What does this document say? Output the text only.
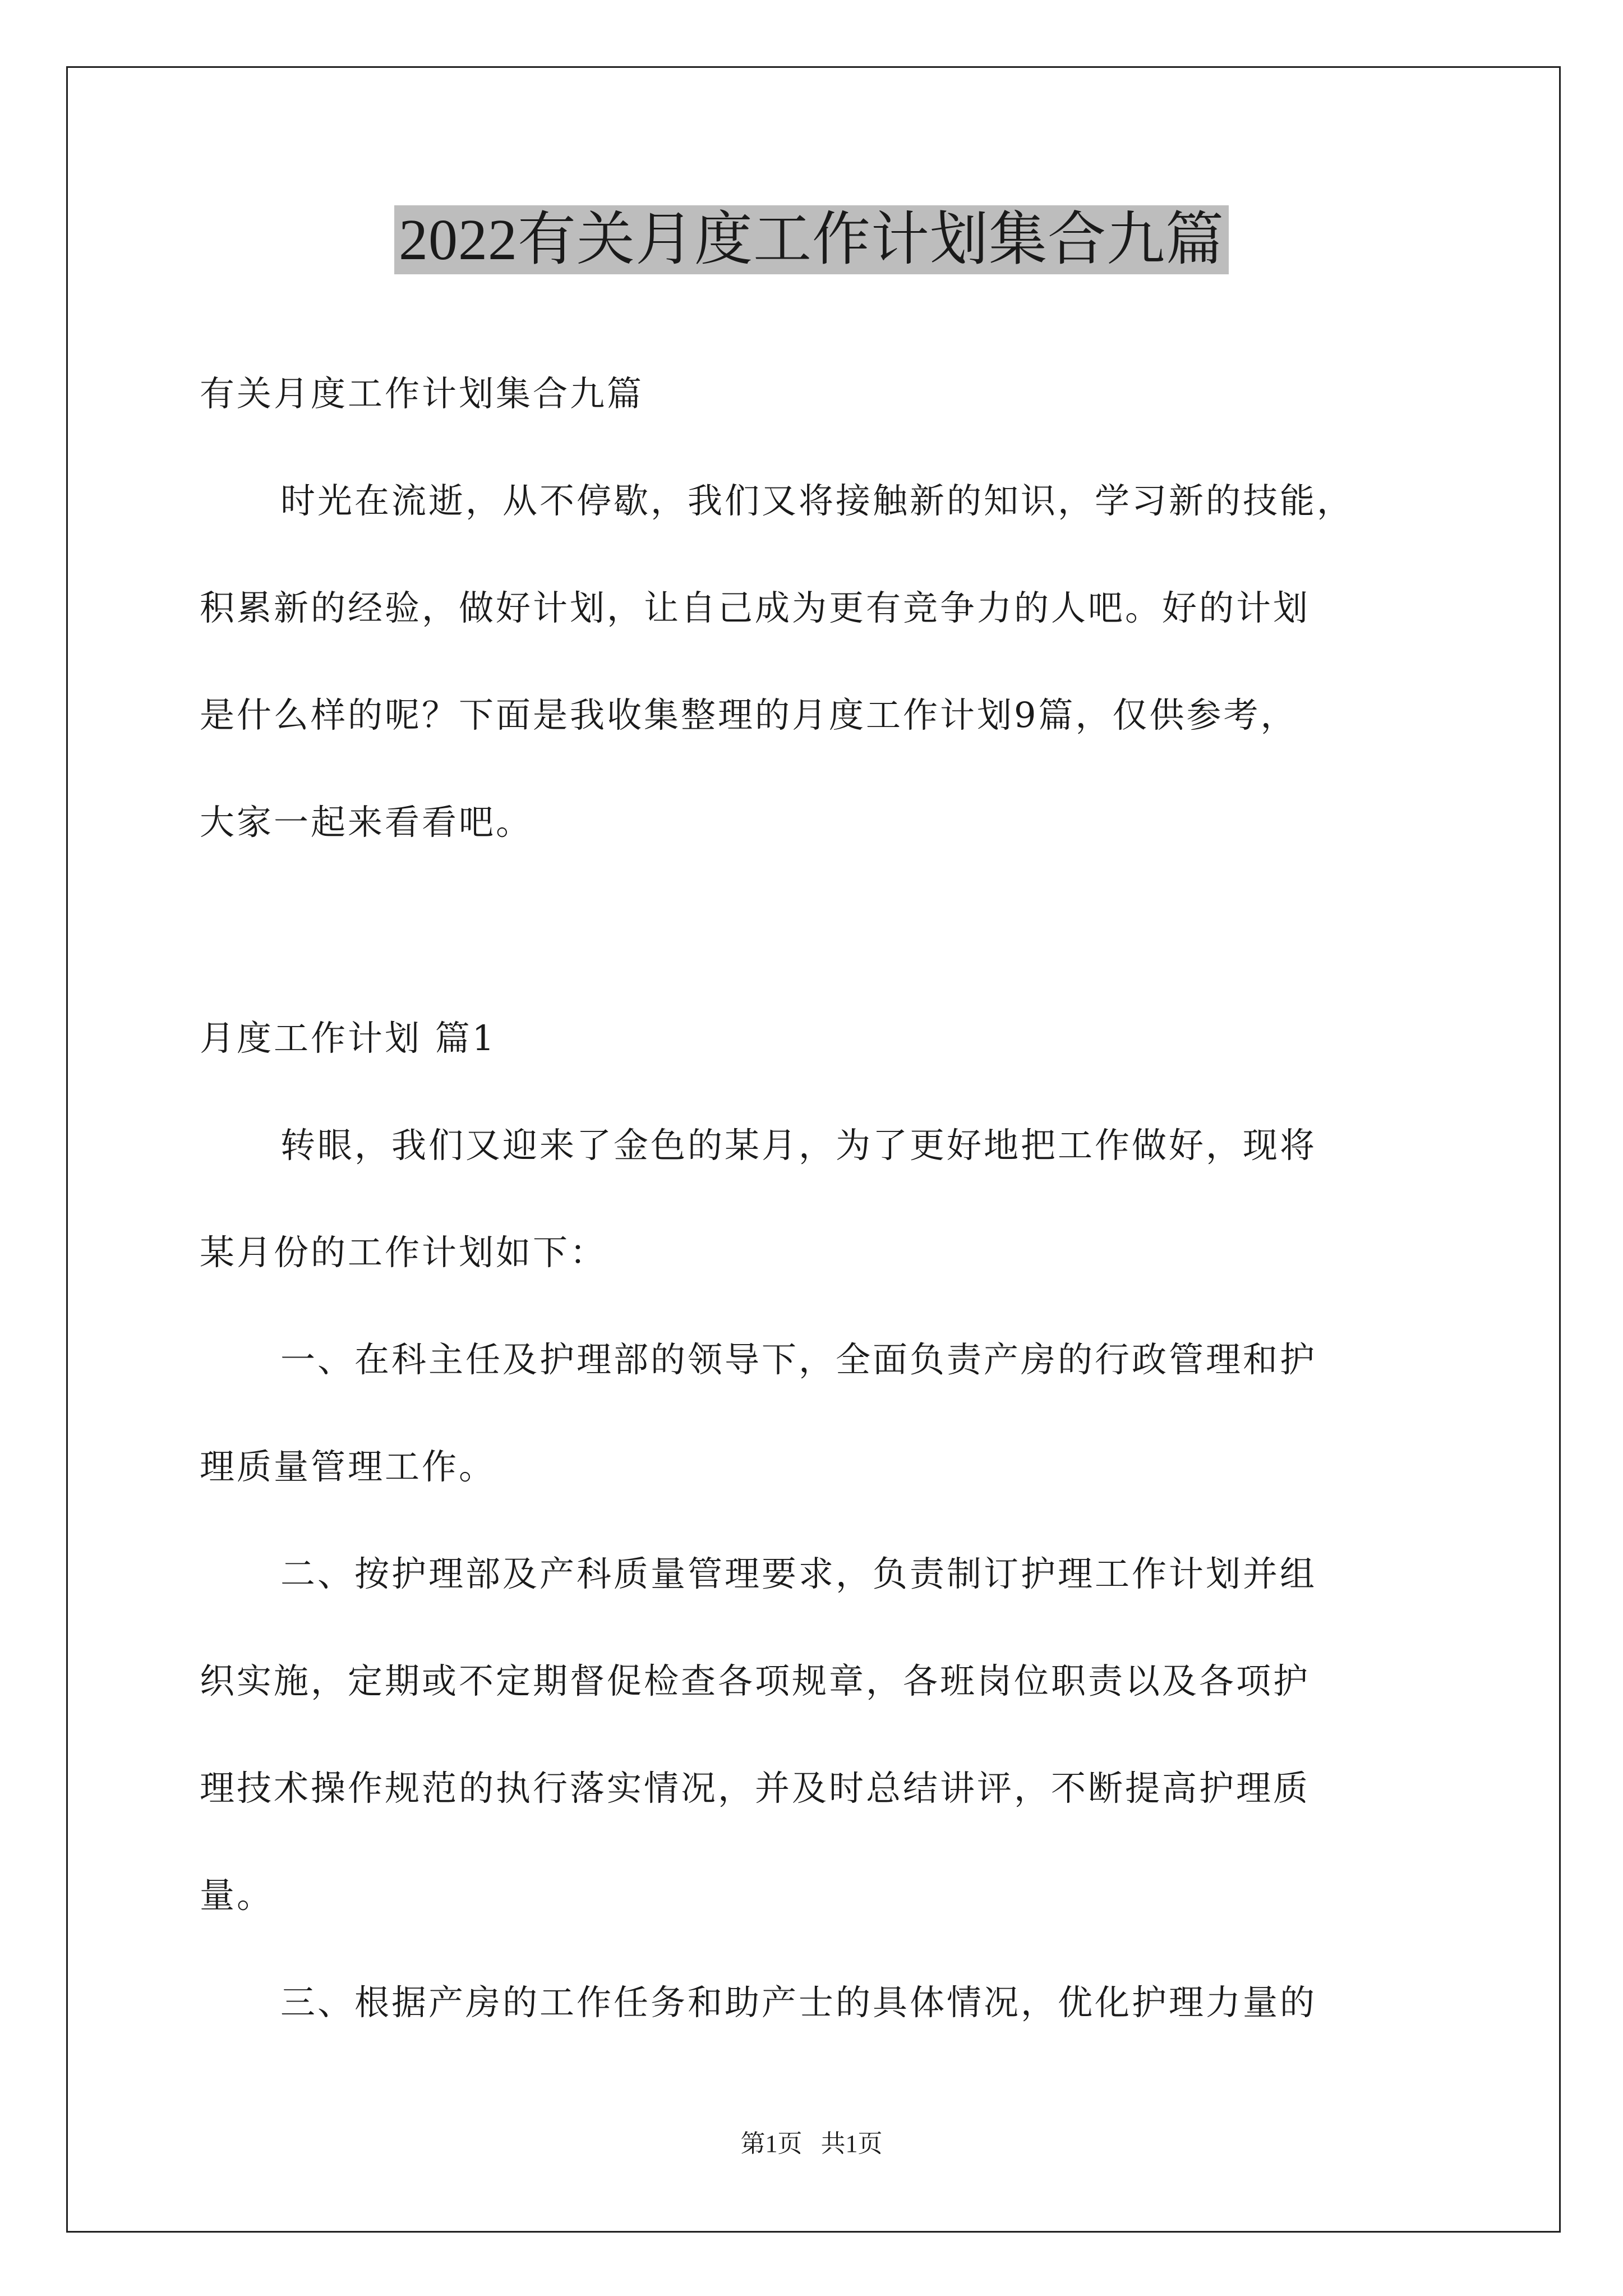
2022有关月度工作计划集合九篇

有关月度工作计划集合九篇

时光在流逝，从不停歇，我们又将接触新的知识，学习新的技能，
积累新的经验，做好计划，让自己成为更有竞争力的人吧。好的计划
是什么样的呢？下面是我收集整理的月度工作计划9篇，仅供参考，
大家一起来看看吧。

月度工作计划 篇1

转眼，我们又迎来了金色的某月，为了更好地把工作做好，现将
某月份的工作计划如下：

一、在科主任及护理部的领导下，全面负责产房的行政管理和护
理质量管理工作。

二、按护理部及产科质量管理要求，负责制订护理工作计划并组
织实施，定期或不定期督促检查各项规章，各班岗位职责以及各项护
理技术操作规范的执行落实情况，并及时总结讲评，不断提高护理质
量。

三、根据产房的工作任务和助产士的具体情况，优化护理力量的

第1页   共1页
